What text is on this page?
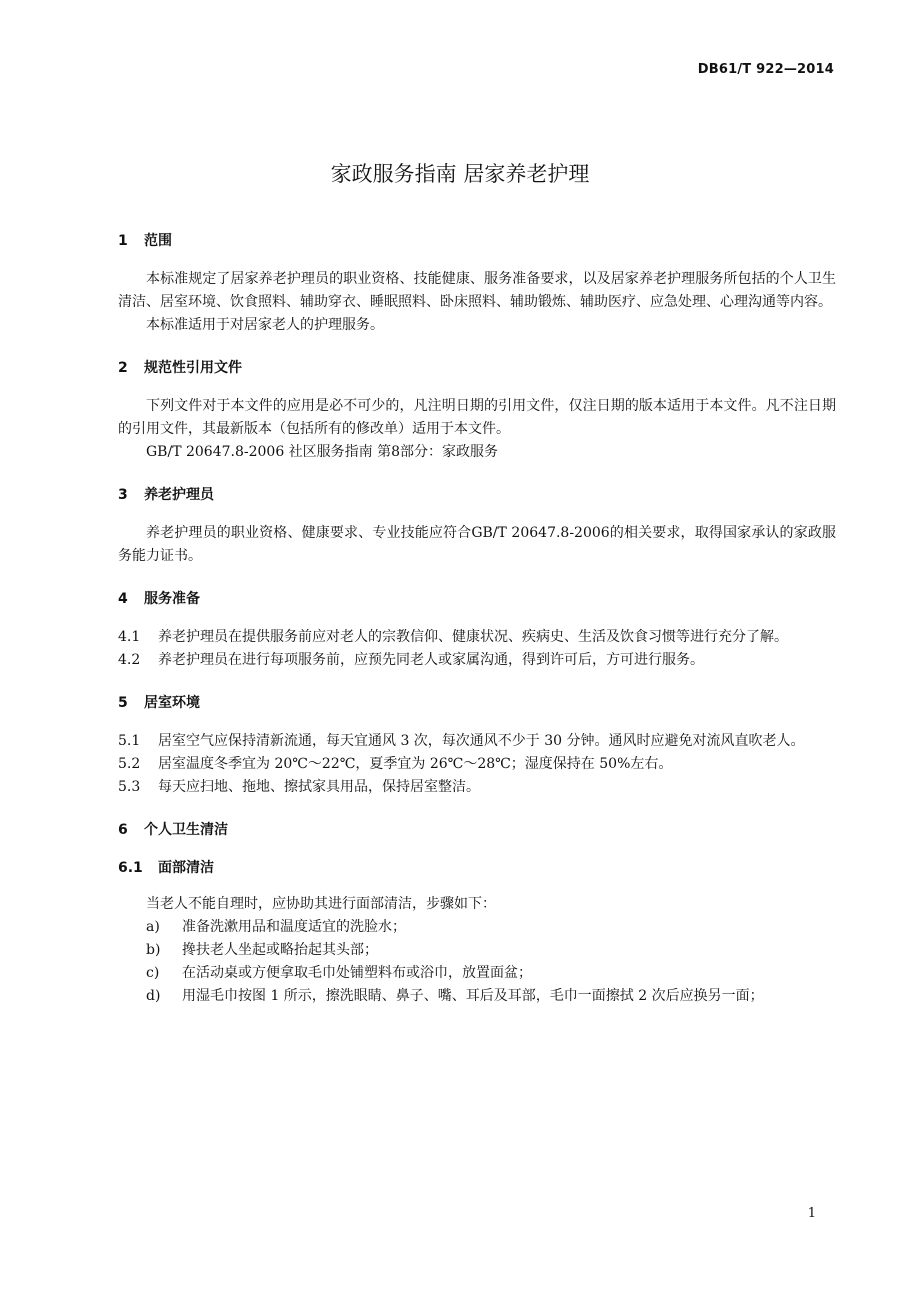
DB61/T 922—2014
家政服务指南 居家养老护理
1 范围
本标准规定了居家养老护理员的职业资格、技能健康、服务准备要求，以及居家养老护理服务所包括的个人卫生清洁、居室环境、饮食照料、辅助穿衣、睡眠照料、卧床照料、辅助锻炼、辅助医疗、应急处理、心理沟通等内容。
本标准适用于对居家老人的护理服务。
2 规范性引用文件
下列文件对于本文件的应用是必不可少的，凡注明日期的引用文件，仅注日期的版本适用于本文件。凡不注日期的引用文件，其最新版本（包括所有的修改单）适用于本文件。
GB/T 20647.8-2006 社区服务指南 第8部分：家政服务
3 养老护理员
养老护理员的职业资格、健康要求、专业技能应符合GB/T 20647.8-2006的相关要求，取得国家承认的家政服务能力证书。
4 服务准备
4.1 养老护理员在提供服务前应对老人的宗教信仰、健康状况、疾病史、生活及饮食习惯等进行充分了解。
4.2 养老护理员在进行每项服务前，应预先同老人或家属沟通，得到许可后，方可进行服务。
5 居室环境
5.1 居室空气应保持清新流通，每天宜通风 3 次，每次通风不少于 30 分钟。通风时应避免对流风直吹老人。
5.2 居室温度冬季宜为 20℃～22℃，夏季宜为 26℃～28℃；湿度保持在 50%左右。
5.3 每天应扫地、拖地、擦拭家具用品，保持居室整洁。
6 个人卫生清洁
6.1 面部清洁
当老人不能自理时，应协助其进行面部清洁，步骤如下：
a) 准备洗漱用品和温度适宜的洗脸水；
b) 搀扶老人坐起或略抬起其头部；
c) 在活动桌或方便拿取毛巾处铺塑料布或浴巾，放置面盆；
d) 用湿毛巾按图 1 所示，擦洗眼睛、鼻子、嘴、耳后及耳部，毛巾一面擦拭 2 次后应换另一面；
1
